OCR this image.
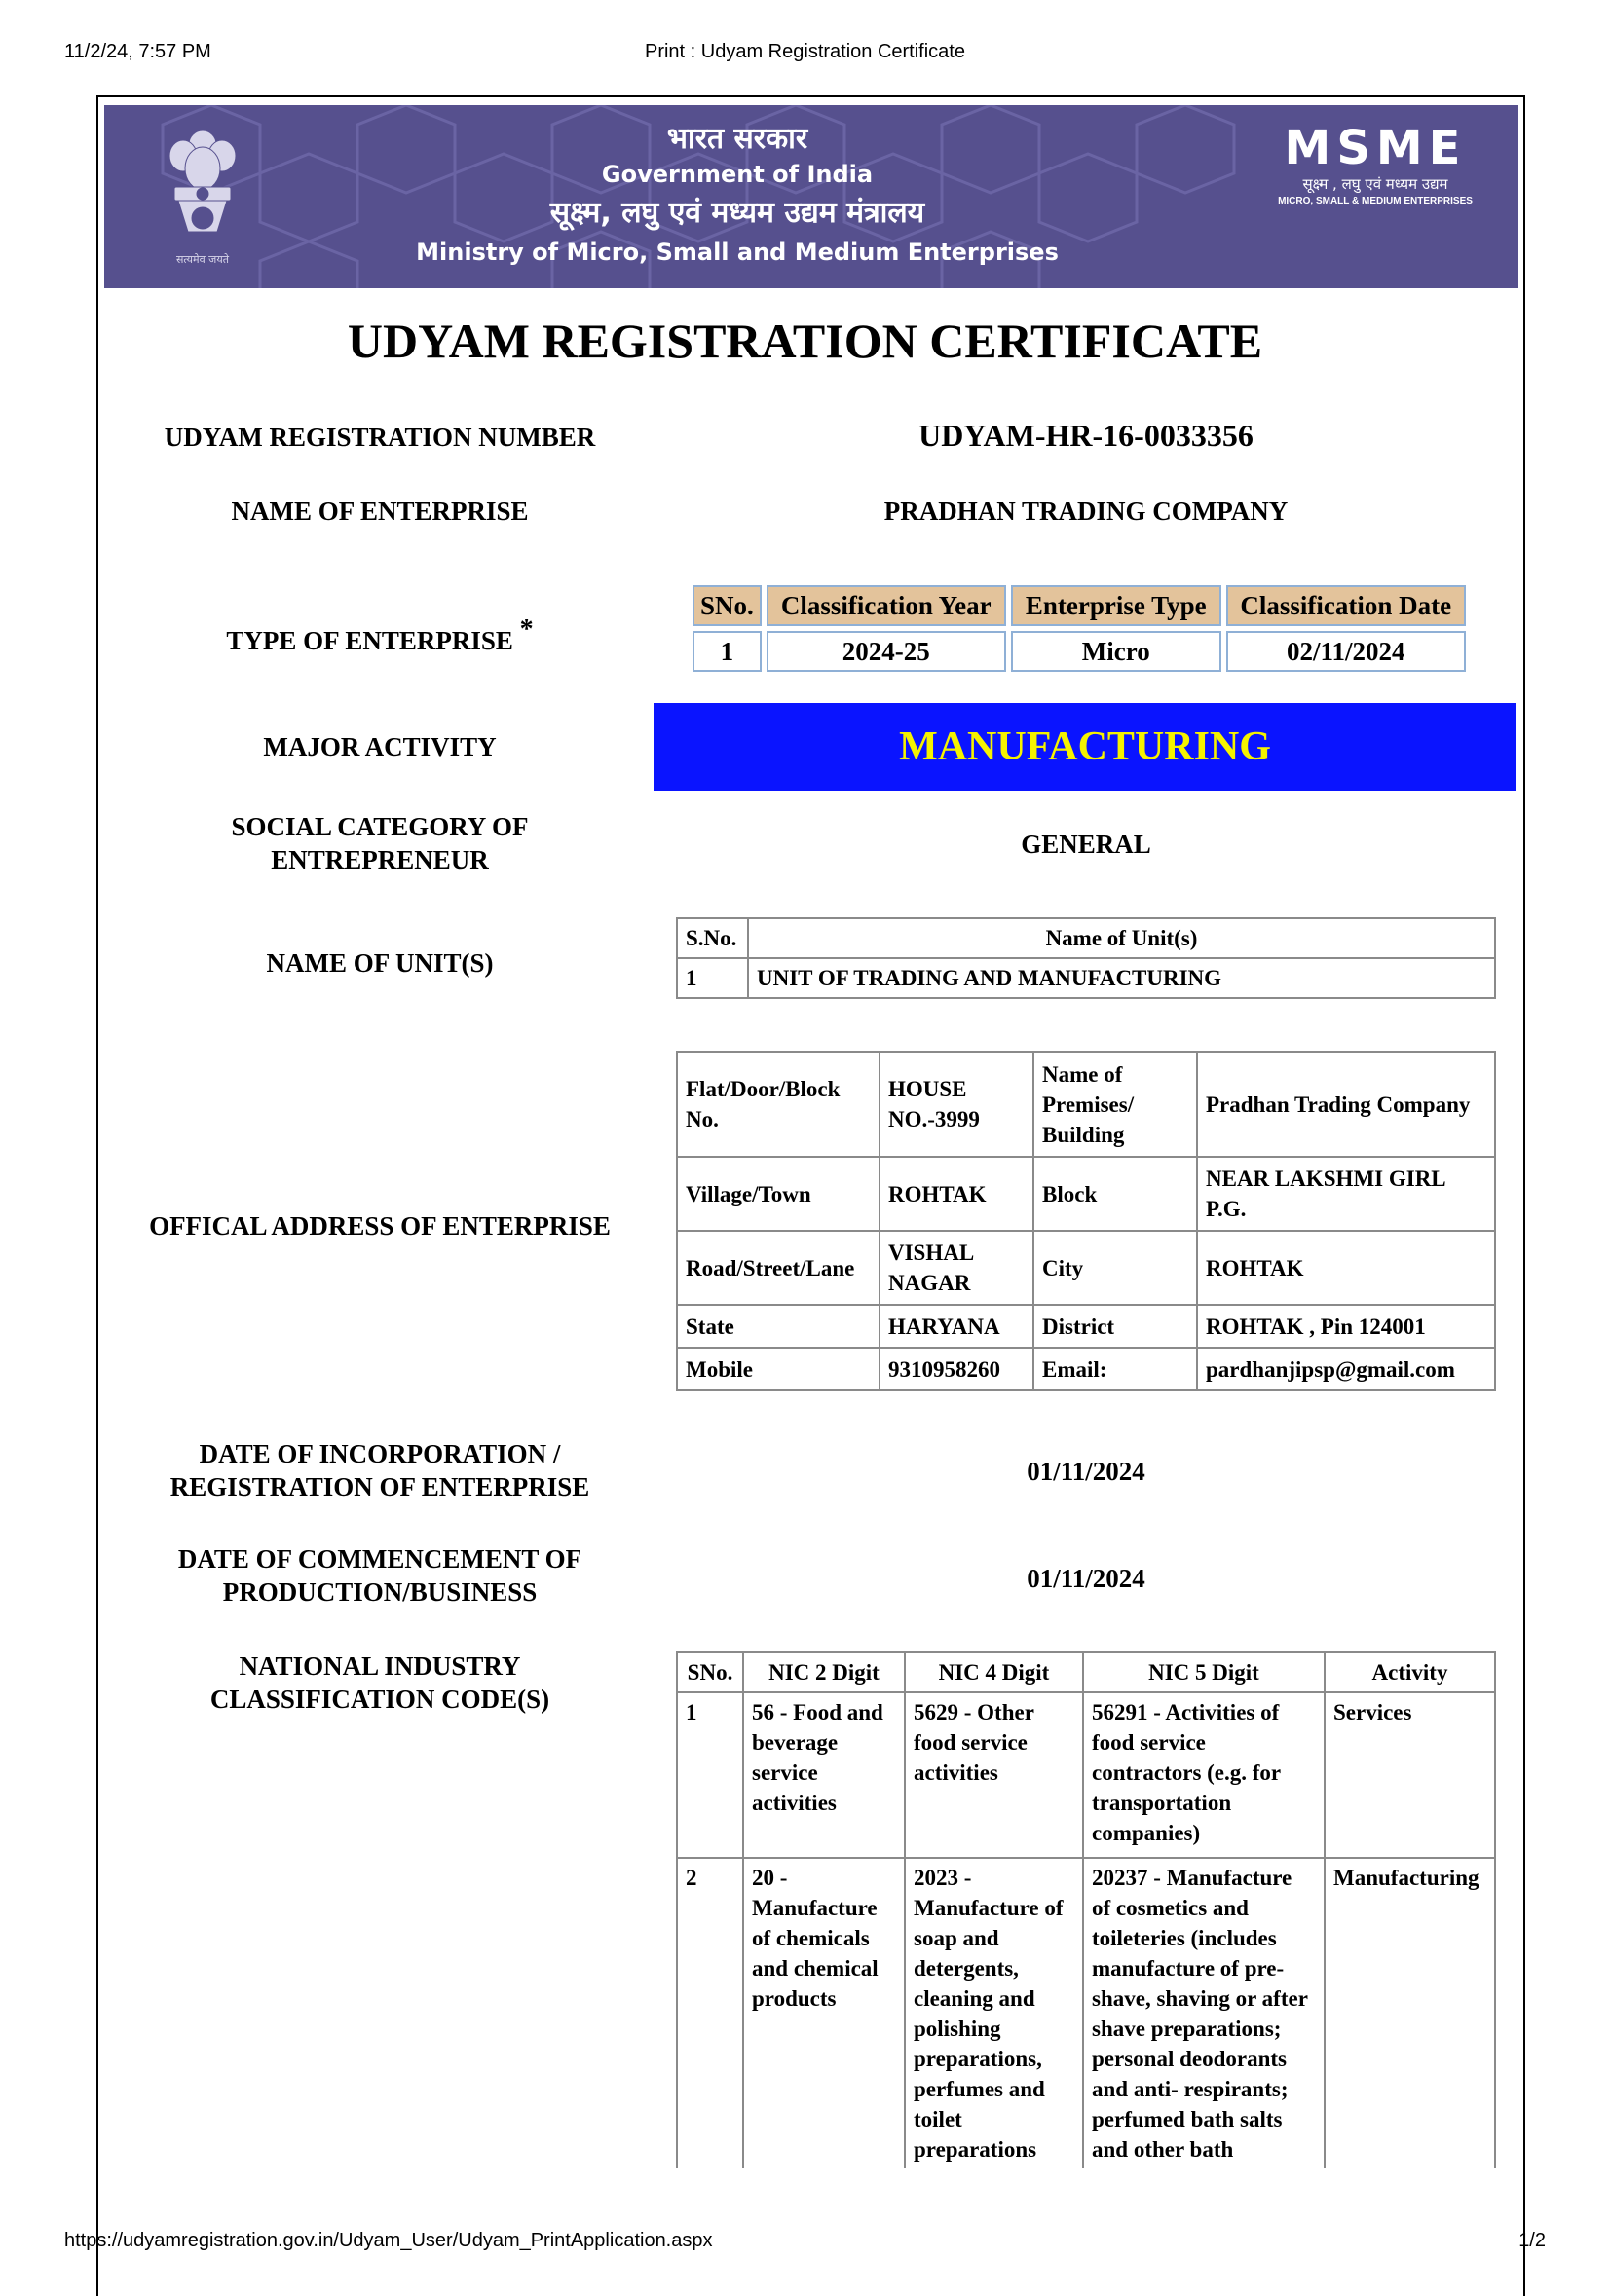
11/2/24, 7:57 PM	Print : Udyam Registration Certificate
सत्यमेव जयते
भारत सरकार
Government of India
सूक्ष्म, लघु एवं मध्यम उद्यम मंत्रालय
Ministry of Micro, Small and Medium Enterprises
MSME
सूक्ष्म , लघु एवं मध्यम उद्यम
MICRO, SMALL & MEDIUM ENTERPRISES
UDYAM REGISTRATION CERTIFICATE
UDYAM REGISTRATION NUMBER	UDYAM-HR-16-0033356
NAME OF ENTERPRISE	PRADHAN TRADING COMPANY
TYPE OF ENTERPRISE *
SNo.	Classification Year	Enterprise Type	Classification Date
1	2024-25	Micro	02/11/2024
MAJOR ACTIVITY	MANUFACTURING
SOCIAL CATEGORY OF
ENTREPRENEUR
GENERAL
NAME OF UNIT(S)
S.No.	Name of Unit(s)
1	UNIT OF TRADING AND MANUFACTURING
OFFICAL ADDRESS OF ENTERPRISE
Flat/Door/Block No.	HOUSE NO.-3999	Name of Premises/ Building	Pradhan Trading Company
Village/Town	ROHTAK	Block	NEAR LAKSHMI GIRL P.G.
Road/Street/Lane	VISHAL NAGAR	City	ROHTAK
State	HARYANA	District	ROHTAK , Pin 124001
Mobile	9310958260	Email:	pardhanjipsp@gmail.com
DATE OF INCORPORATION /
REGISTRATION OF ENTERPRISE
01/11/2024
DATE OF COMMENCEMENT OF
PRODUCTION/BUSINESS	01/11/2024
NATIONAL INDUSTRY
CLASSIFICATION CODE(S)
SNo.	NIC 2 Digit	NIC 4 Digit	NIC 5 Digit	Activity
1	56 - Food and beverage service activities	5629 - Other food service activities	56291 - Activities of food service contractors (e.g. for transportation companies)	Services
2	20 - Manufacture of chemicals and chemical products	2023 - Manufacture of soap and detergents, cleaning and polishing preparations, perfumes and toilet preparations	20237 - Manufacture of cosmetics and toileteries (includes manufacture of pre-shave, shaving or after shave preparations; personal deodorants and anti- respirants; perfumed bath salts and other bath	Manufacturing
https://udyamregistration.gov.in/Udyam_User/Udyam_PrintApplication.aspx	1/2
